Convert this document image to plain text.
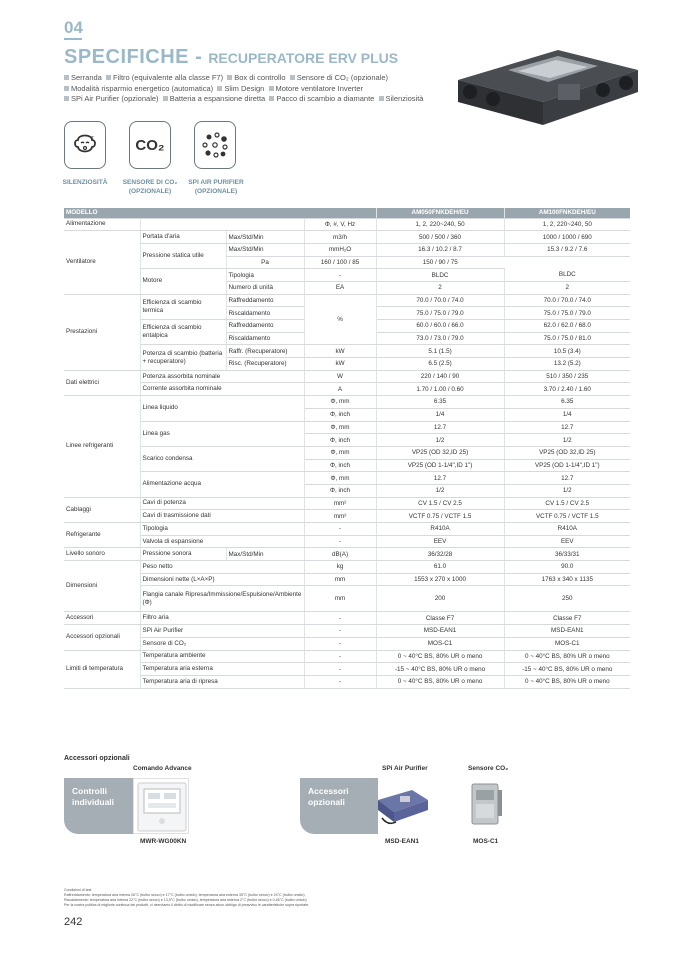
04
SPECIFICHE - RECUPERATORE ERV PLUS
Serranda Filtro (equivalente alla classe F7) Box di controllo Sensore di CO₂ (opzionale)
Modalità risparmio energetico (automatica) Slim Design Motore ventilatore Inverter
SPi Air Purifier (opzionale) Batteria a espansione diretta Pacco di scambio a diamante Silenziosità
z	CO₂
SILENZIOSITÀ	SENSORE DI CO₂
(OPZIONALE)
SPI AIR PURIFIER
(OPZIONALE)
MODELLO				AM050FNKDEH/EU	AM100FNKDEH/EU
Alimentazione			Φ, #, V, Hz	1, 2, 220~240, 50	1, 2, 220~240, 50
Ventilatore	Portata d'aria	Max/Std/Min	m3/h	500 / 500 / 360	1000 / 1000 / 690
	Pressione statica utile	Max/Std/Min	mmH₂O	16.3 / 10.2 / 8.7	15.3 / 9.2 / 7.6
		Pa	160 / 100 / 85	150 / 90 / 75	
	Motore	Tipologia	-	BLDC	BLDC
		Numero di unità	EA	2	2
Prestazioni	Efficienza di scambio termica	Raffreddamento	%	70.0 / 70.0 / 74.0	70.0 / 70.0 / 74.0
		Riscaldamento		75.0 / 75.0 / 79.0	75.0 / 75.0 / 79.0
	Efficienza di scambio entalpica	Raffreddamento		60.0 / 60.0 / 66.0	62.0 / 62.0 / 68.0
		Riscaldamento		73.0 / 73.0 / 79.0	75.0 / 75.0 / 81.0
	Potenza di scambio (batteria + recuperatore)	Raffr. (Recuperatore)	kW	5.1 (1.5)	10.5 (3.4)
		Risc. (Recuperatore)	kW	6.5 (2.5)	13.2 (5.2)
Dati elettrici	Potenza assorbita nominale		W	220 / 140 / 90	510 / 350 / 235
	Corrente assorbita nominale		A	1.70 / 1.00 / 0.60	3.70 / 2.40 / 1.60
Linee refrigeranti	Linea liquido		Φ, mm	6.35	6.35
			Φ, inch	1/4	1/4
	Linea gas		Φ, mm	12.7	12.7
			Φ, inch	1/2	1/2
	Scarico condensa		Φ, mm	VP25 (OD 32,ID 25)	VP25 (OD 32,ID 25)
			Φ, inch	VP25 (OD 1-1/4",ID 1")	VP25 (OD 1-1/4",ID 1")
	Alimentazione acqua		Φ, mm	12.7	12.7
			Φ, inch	1/2	1/2
Cablaggi	Cavi di potenza		mm²	CV 1.5 / CV 2.5	CV 1.5 / CV 2.5
	Cavi di trasmissione dati		mm²	VCTF 0.75 / VCTF 1.5	VCTF 0.75 / VCTF 1.5
Refrigerante	Tipologia		-	R410A	R410A
	Valvola di espansione		-	EEV	EEV
Livello sonoro	Pressione sonora	Max/Std/Min	dB(A)	36/32/28	36/33/31
Dimensioni	Peso netto		kg	61.0	90.0
	Dimensioni nette (L×A×P)		mm	1553 x 270 x 1000	1763 x 340 x 1135
	Flangia canale Ripresa/Immissione/Espulsione/Ambiente (Φ)		mm	200	250
Accessori	Filtro aria		-	Classe F7	Classe F7
Accessori opzionali	SPi Air Purifier		-	MSD-EAN1	MSD-EAN1
	Sensore di CO₂		-	MOS-C1	MOS-C1
Limiti di temperatura	Temperatura ambiente		-	0 ~ 40°C BS, 80% UR o meno	0 ~ 40°C BS, 80% UR o meno
	Temperatura aria esterna		-	-15 ~ 40°C BS, 80% UR o meno	-15 ~ 40°C BS, 80% UR o meno
	Temperatura aria di ripresa		-	0 ~ 40°C BS, 80% UR o meno	0 ~ 40°C BS, 80% UR o meno
Accessori opzionali
Comando Advance
Controlli
individuali
MWR-WG00KN
Accessori
opzionali
SPi Air Purifier
MSD-EAN1
Sensore CO₂
MOS-C1
Condizioni di test
Raffreddamento: temperatura aria interna 26°C (bulbo secco) e 17°C (bulbo umido), temperatura aria esterna 35°C (bulbo secco) e 24°C (bulbo umido)
Riscaldamento: temperatura aria interna 22°C (bulbo secco) e 13,9°C (bulbo umido), temperatura aria esterna 2°C (bulbo secco) e 0,46°C (bulbo umido)
Per la nostra politica di migliorie continua dei prodotti, ci riserviamo il diritto di modificare senza alcun obbligo di preavviso le caratteristiche sopra riportate.
242
